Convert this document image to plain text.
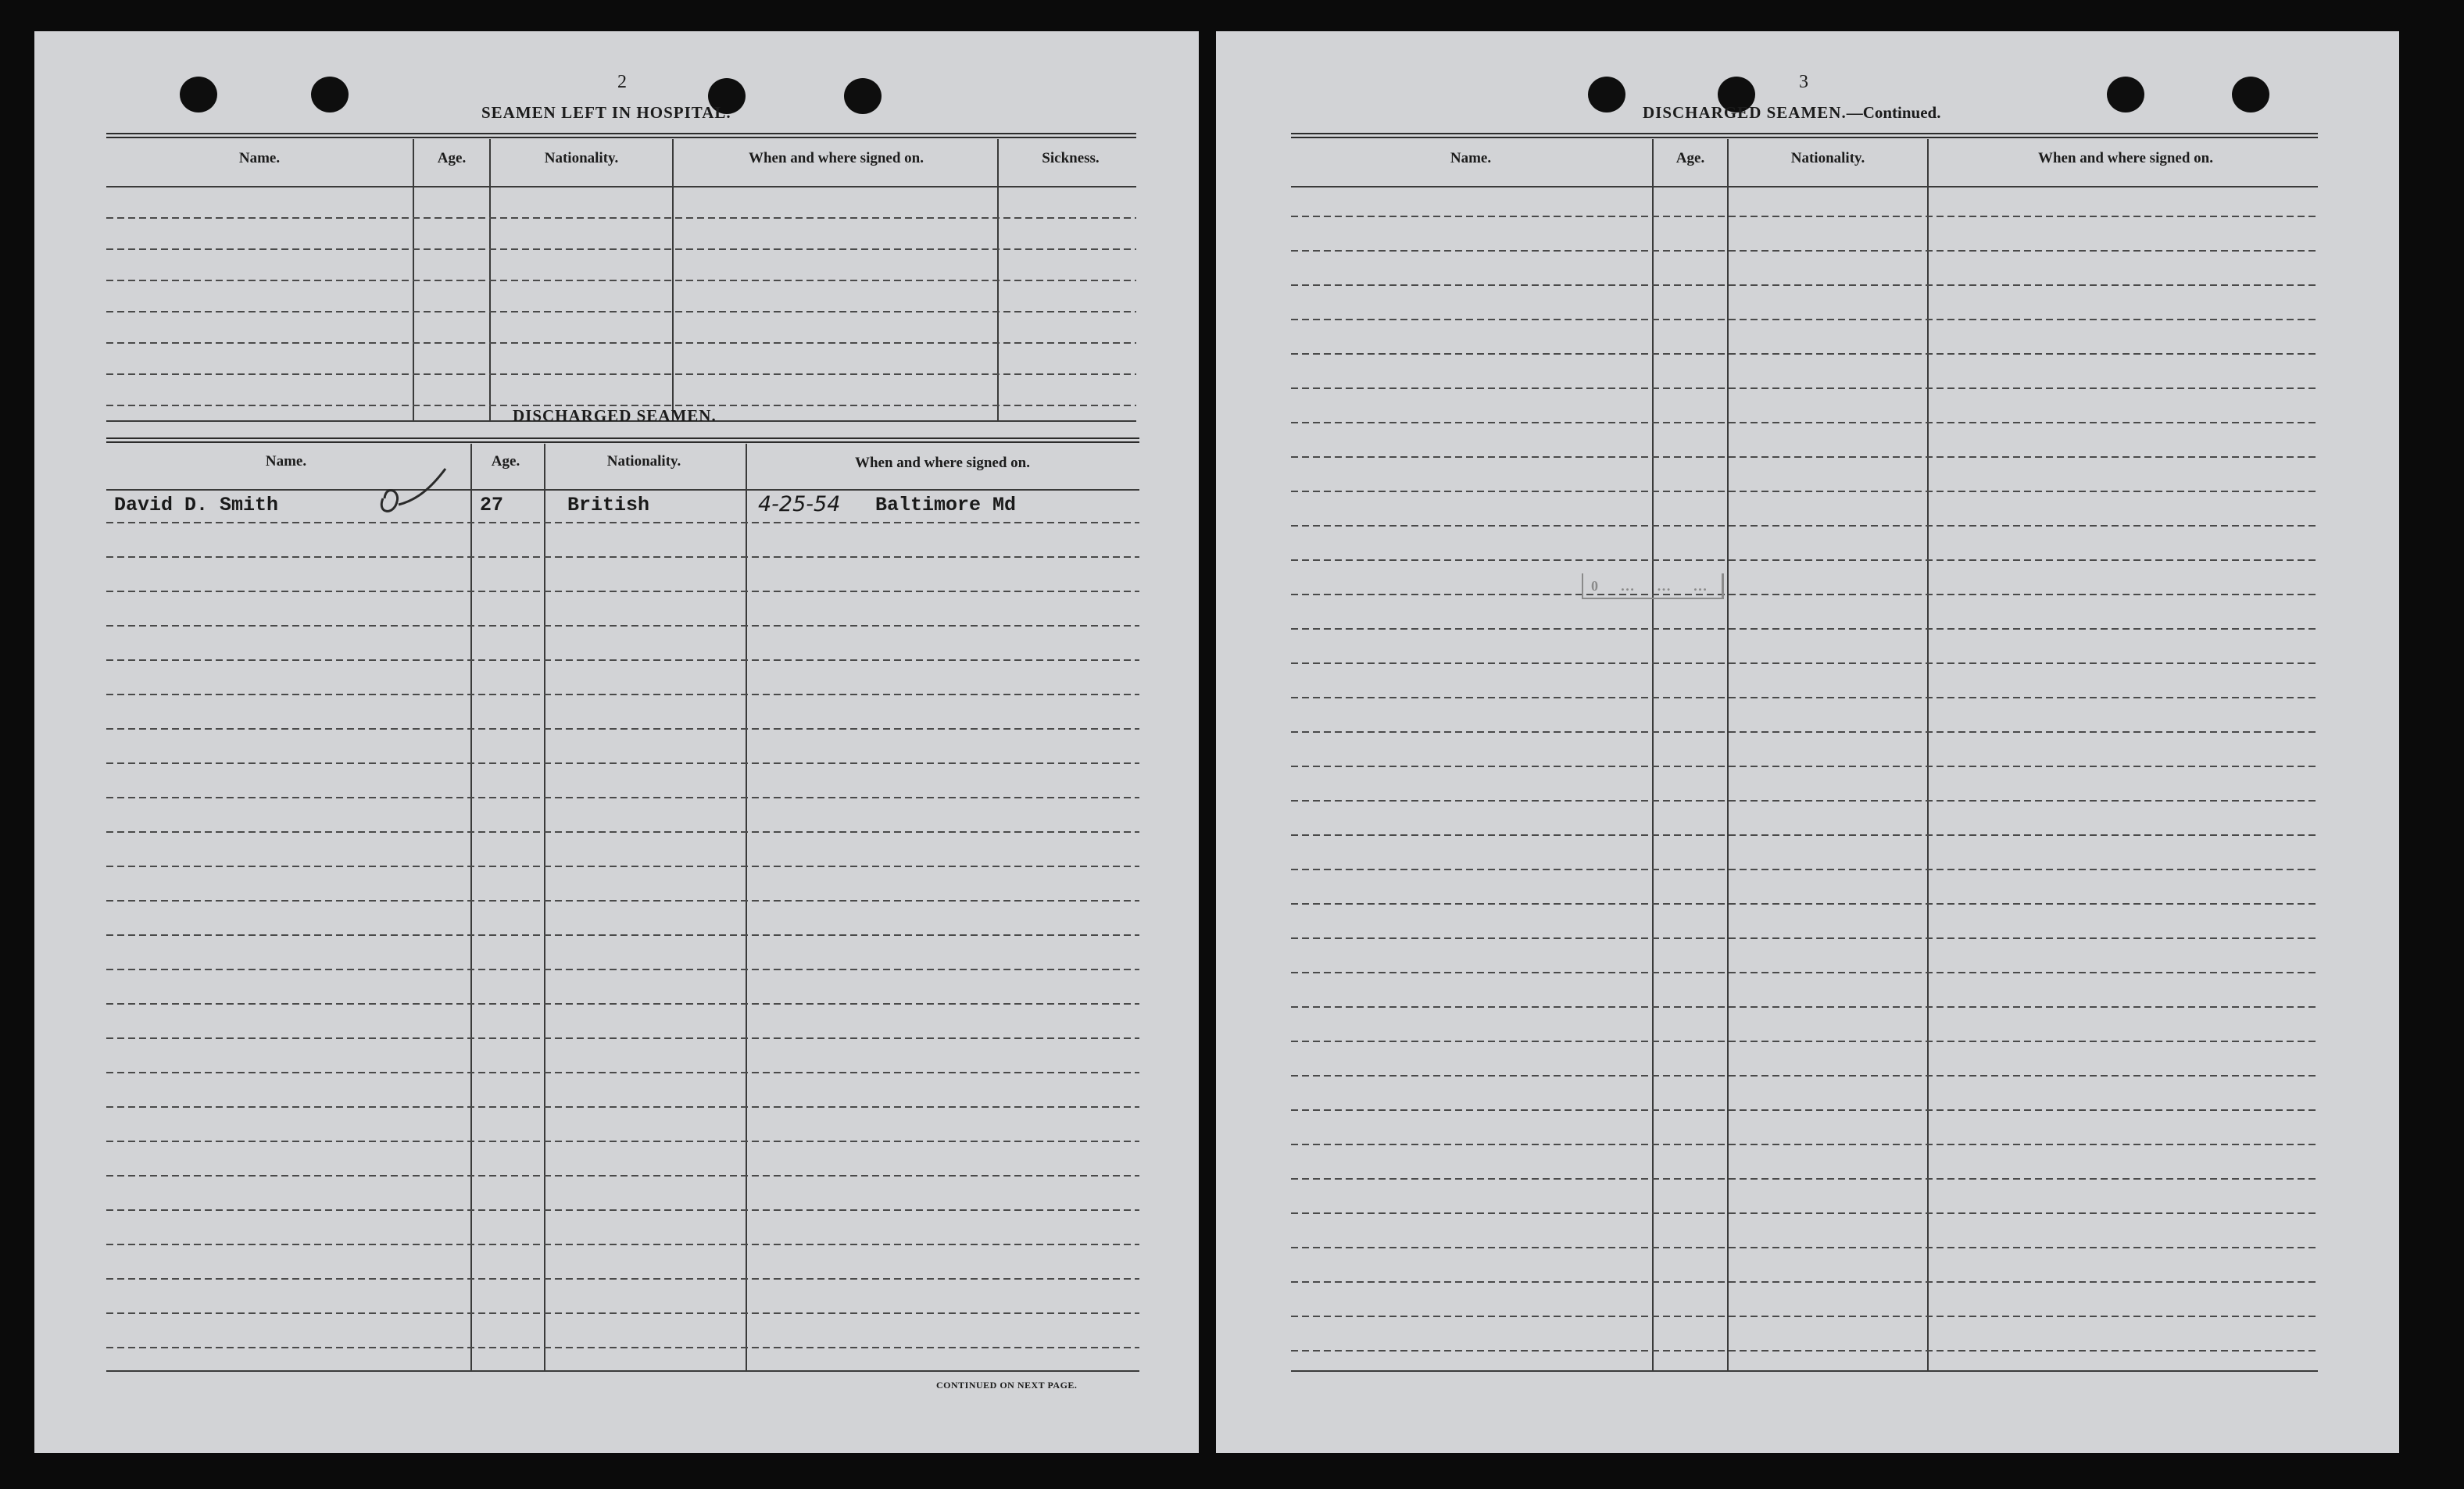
2
SEAMEN LEFT IN HOSPITAL.
Name.	Age.	Nationality.	When and where signed on.	Sickness.
DISCHARGED SEAMEN.
Name.	Age.	Nationality.	When and where signed on.
David D. Smith	27	British	4-25-54 Baltimore Md
CONTINUED ON NEXT PAGE.
3
DISCHARGED SEAMEN.—Continued.
Name.	Age.	Nationality.	When and where signed on.
0 … … …
